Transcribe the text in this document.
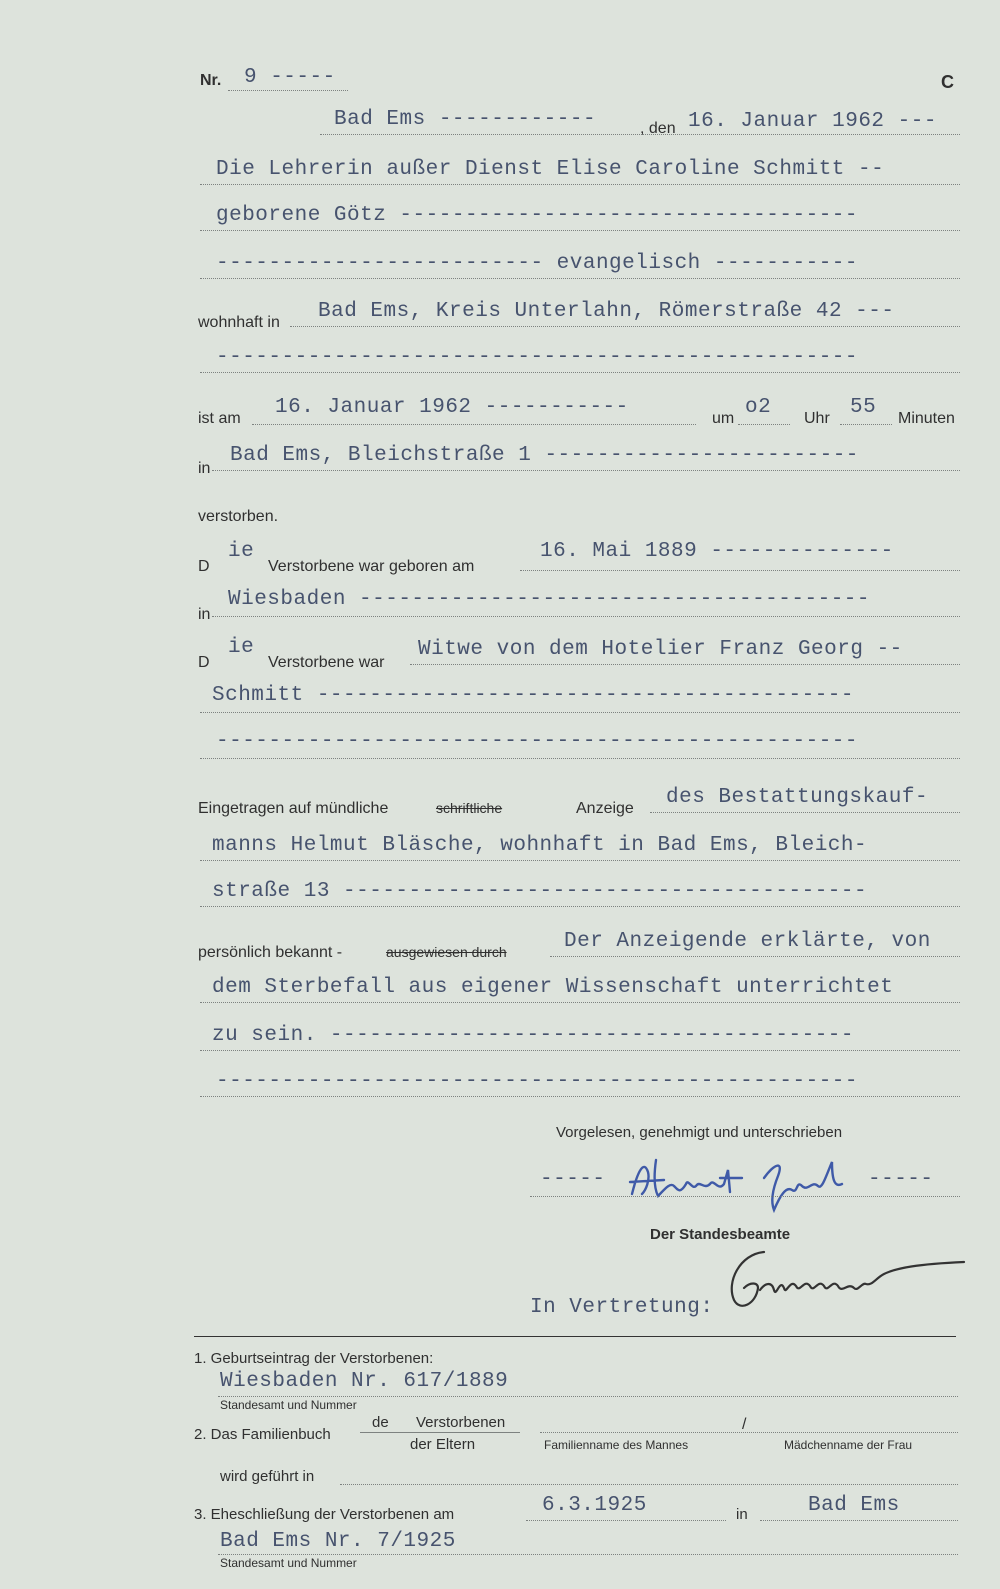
Nr. 9 -----	C
Bad Ems ------------	, den 16. Januar 1962 ---
Die Lehrerin außer Dienst Elise Caroline Schmitt --
geborene Götz -----------------------------------
------------------------- evangelisch -----------
wohnhaft in Bad Ems, Kreis Unterlahn, Römerstraße 42 ---
-------------------------------------------------
ist am 16. Januar 1962 -----------	um o2 Uhr 55 Minuten
in
Bad Ems, Bleichstraße 1 ------------------------
verstorben.
D
ie
Verstorbene war geboren am
16. Mai 1889 --------------
in
Wiesbaden ---------------------------------------
D
ie
Verstorbene war
Witwe von dem Hotelier Franz Georg --
Schmitt -----------------------------------------
-------------------------------------------------
Eingetragen auf mündliche	schriftliche	Anzeige des Bestattungskauf-
manns Helmut Bläsche, wohnhaft in Bad Ems, Bleich-
straße 13 ----------------------------------------
persönlich bekannt -	ausgewiesen durch	Der Anzeigende erklärte, von
dem Sterbefall aus eigener Wissenschaft unterrichtet
zu sein. ----------------------------------------
-------------------------------------------------
Vorgelesen, genehmigt und unterschrieben
-----	-----
Der Standesbeamte
In Vertretung:
1. Geburtseintrag der Verstorbenen:
Wiesbaden Nr. 617/1889
Standesamt und Nummer
2. Das Familienbuch
de Verstorbenen
der Eltern	Familienname des Mannes
/
Mädchenname der Frau
wird geführt in
3. Eheschließung der Verstorbenen am	6.3.1925	in	Bad Ems
Bad Ems Nr. 7/1925
Standesamt und Nummer
